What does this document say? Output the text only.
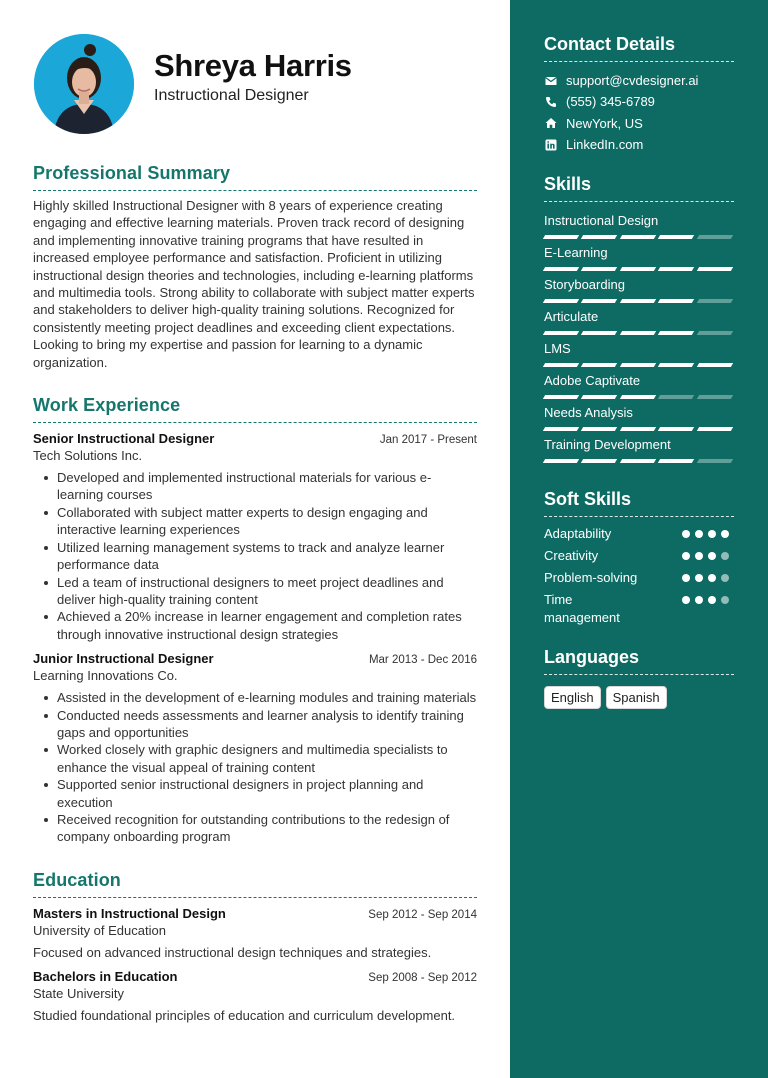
Shreya Harris
Instructional Designer
Professional Summary
Highly skilled Instructional Designer with 8 years of experience creating engaging and effective learning materials. Proven track record of designing and implementing innovative training programs that have resulted in increased employee performance and satisfaction. Proficient in utilizing instructional design theories and technologies, including e-learning platforms and multimedia tools. Strong ability to collaborate with subject matter experts and stakeholders to deliver high-quality training solutions. Recognized for consistently meeting project deadlines and exceeding client expectations. Looking to bring my expertise and passion for learning to a dynamic organization.
Work Experience
Senior Instructional Designer	Jan 2017 - Present
Tech Solutions Inc.
Developed and implemented instructional materials for various e-learning courses
Collaborated with subject matter experts to design engaging and interactive learning experiences
Utilized learning management systems to track and analyze learner performance data
Led a team of instructional designers to meet project deadlines and deliver high-quality training content
Achieved a 20% increase in learner engagement and completion rates through innovative instructional design strategies
Junior Instructional Designer	Mar 2013 - Dec 2016
Learning Innovations Co.
Assisted in the development of e-learning modules and training materials
Conducted needs assessments and learner analysis to identify training gaps and opportunities
Worked closely with graphic designers and multimedia specialists to enhance the visual appeal of training content
Supported senior instructional designers in project planning and execution
Received recognition for outstanding contributions to the redesign of company onboarding program
Education
Masters in Instructional Design	Sep 2012 - Sep 2014
University of Education
Focused on advanced instructional design techniques and strategies.
Bachelors in Education	Sep 2008 - Sep 2012
State University
Studied foundational principles of education and curriculum development.
Contact Details
support@cvdesigner.ai
(555) 345-6789
NewYork, US
LinkedIn.com
Skills
Instructional Design
E-Learning
Storyboarding
Articulate
LMS
Adobe Captivate
Needs Analysis
Training Development
Soft Skills
Adaptability
Creativity
Problem-solving
Time management
Languages
English	Spanish
